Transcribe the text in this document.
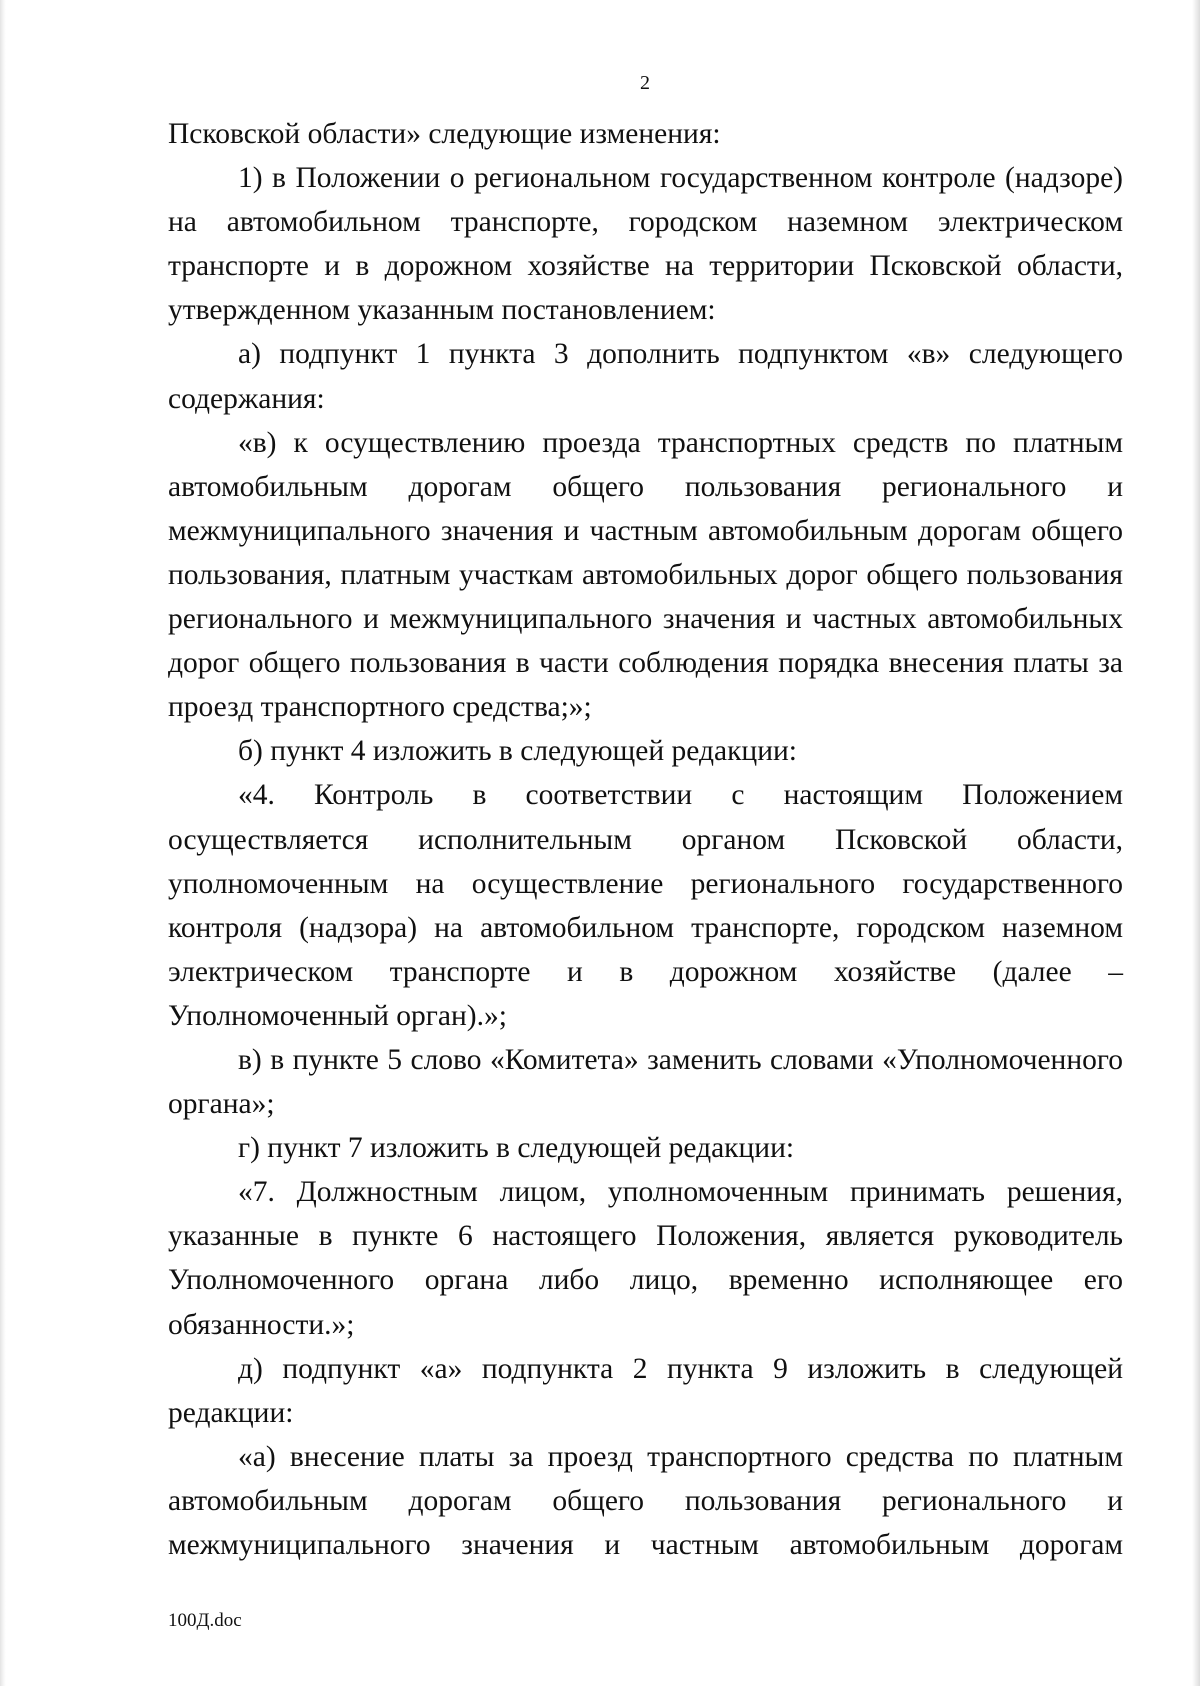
2

Псковской области» следующие изменения:

1) в Положении о региональном государственном контроле (надзоре) на автомобильном транспорте, городском наземном электрическом транспорте и в дорожном хозяйстве на территории Псковской области, утвержденном указанным постановлением:

а) подпункт 1 пункта 3 дополнить подпунктом «в» следующего содержания:

«в) к осуществлению проезда транспортных средств по платным автомобильным дорогам общего пользования регионального и межмуниципального значения и частным автомобильным дорогам общего пользования, платным участкам автомобильных дорог общего пользования регионального и межмуниципального значения и частных автомобильных дорог общего пользования в части соблюдения порядка внесения платы за проезд транспортного средства;»;

б) пункт 4 изложить в следующей редакции:

«4. Контроль в соответствии с настоящим Положением осуществляется исполнительным органом Псковской области, уполномоченным на осуществление регионального государственного контроля (надзора) на автомобильном транспорте, городском наземном электрическом транспорте и в дорожном хозяйстве (далее – Уполномоченный орган).»;

в) в пункте 5 слово «Комитета» заменить словами «Уполномоченного органа»;

г) пункт 7 изложить в следующей редакции:

«7. Должностным лицом, уполномоченным принимать решения, указанные в пункте 6 настоящего Положения, является руководитель Уполномоченного органа либо лицо, временно исполняющее его обязанности.»;

д) подпункт «а» подпункта 2 пункта 9 изложить в следующей редакции:

«а) внесение платы за проезд транспортного средства по платным автомобильным дорогам общего пользования регионального и межмуниципального значения и частным автомобильным дорогам

100Д.doc
